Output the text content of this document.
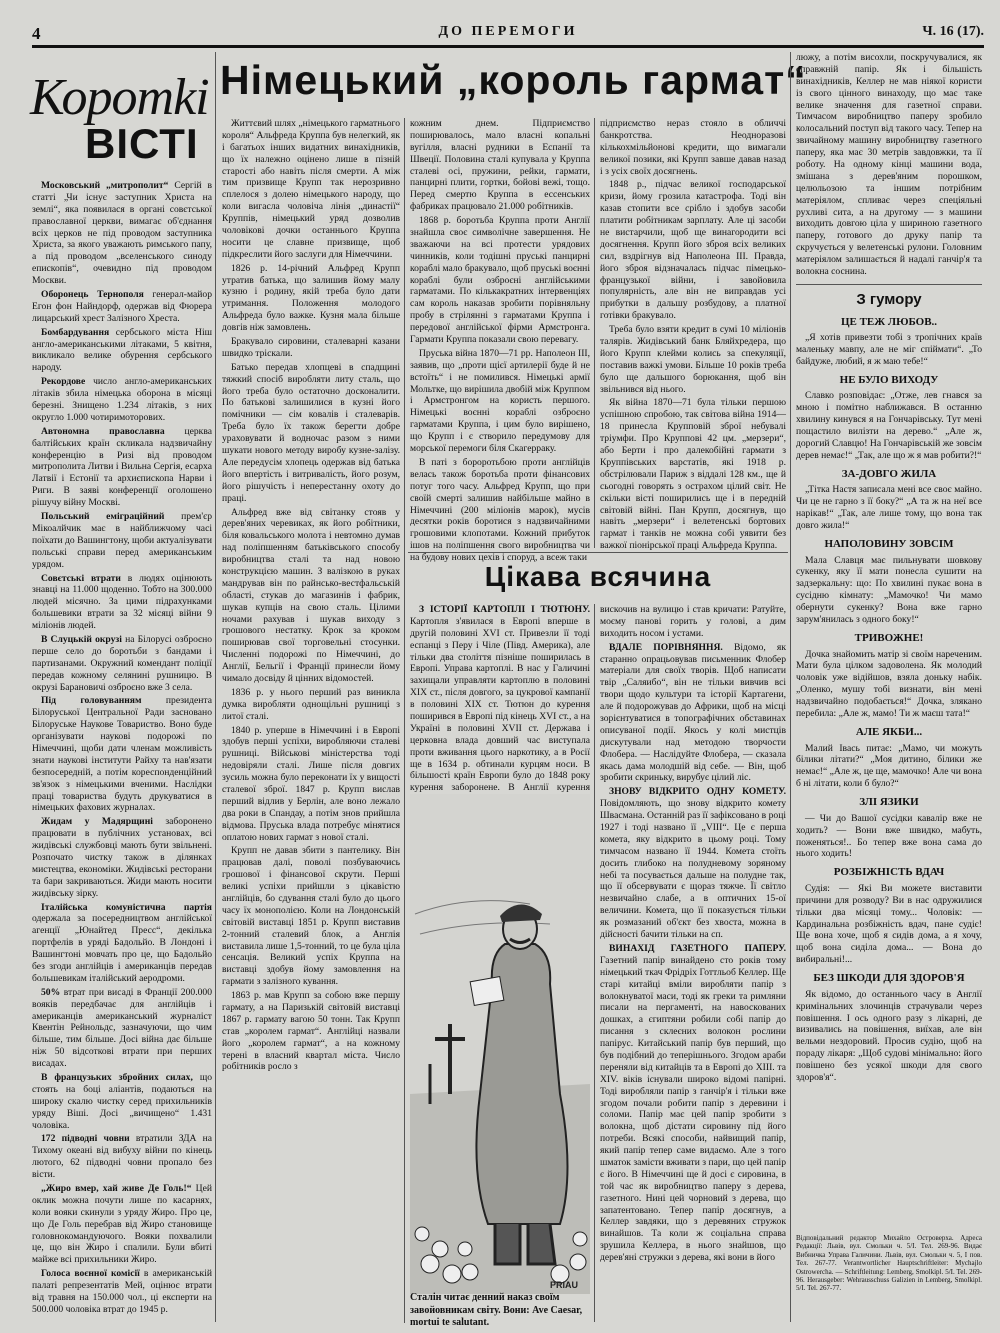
4	ДО ПЕРЕМОГИ	Ч. 16 (17).
Коротkі
ВІСТІ

Московський „митрополит“ Сергій в статті „Чи існує заступник Христа на землі“, яка появилася в органі совєтської православної церкви, вимагає об'єднання всіх церков не під проводом заступника Христа, за якого уважають римського папу, а під проводом „вселенського синоду епископів“, очевидно під проводом Москви.

Оборонець Тернополя генерал-майор Егон фон Найндорф, одержав від Фюрера лицарський хрест Залізного Хреста.

Бомбардування сербського міста Ніш англо-американськими літаками, 5 квітня, викликало велике обурення сербського народу.

Рекордове число англо-американських літаків збила німецька оборона в місяці березні. Знищено 1.234 літаків, з них округло 1.000 чотиримоторових.

Автономна православна церква балтійських країн скликала надзвичайну конференцію в Ризі від проводом митрополита Литви і Вильна Сергія, есарха Латвії і Естонії та архиєпископа Нарви і Риги. В заяві конференції оголошено рішучу війну Москві.

Польський еміграційний прем'єр Мікоалйчик має в найближчому часі поїхати до Вашингтону, щоби актуалізувати польські справи перед американським урядом.

Совєтські втрати в людях оцінюють знавці на 11.000 щоденно. Тобто на 300.000 людей місячно. За цими підрахунками большевики втрати за 32 місяці війни 9 міліонів людей.

В Слуцькій окрузі на Білорусі озброєно перше село до боротьби з бандами і партизанами. Окружний комендант поліції передав кожному селянині рушницю. В окрузі Барановичі озброєно вже 3 села.

Під головуванням	президента Білоруської Центральної Ради засновано Білоруське Наукове Товариство. Воно буде організувати наукові подорожі по Німеччині, щоби дати членам можливість знати наукові інститути Райху та нав'язати безпосередній, а потім кореспонденційний зв'язок з німецькими вченими. Наслідки праці товариства будуть друкуватися в німецьких фахових журналах.

Жидам у Мадярщині заборонено працювати в публічних установах, всі жидівські службовці мають бути звільнені. Розпочато чистку також в ділянках мистецтва, економіки. Жидівські ресторани та бари закриваються. Жиди мають носити жидівську зірку.

Італійська комуністична партія одержала за посередництвом англійської агенції „Юнайтед Пресс“, декілька портфелів в уряді Бадольйо. В Лондоні і Вашингтоні мовчать про це, що Бадольйо без згоди англійців і американців передав большевикам італійський аеродроми.

50% втрат при висаді в Франції 200.000 вояків передбачає для англійців і американців американський журналіст Квентін Рейнольдс, зазначуючи, що чим більше, тим більше. Досі війна дає більше ніж 50 відсоткові втрати при перших висадах.

В французьких збройних силах, що стоять на боці аліантів, подаються на широку скалю чистку серед прихильників уряду Віші. Досі „вичищено“ 1.431 чоловіка.

172 підводні човни втратили ЗДА на Тихому океані від вибуху війни по кінець лютого, 62 підводні човни пропало без вісти.

„Жиро вмер, хай живе Де Голь!“ Цей оклик можна почути лише по касарнях, коли вояки скинули з уряду Жиро. Про це, що Де Голь перебрав від Жиро становище головнокомандуючого. Вояки похвалили це, що він Жиро і спалили. Були вбиті майже всі прихильники Жиро.

Голоса воєнної комісії в американській палаті репрезентатів Мей, оцінює втрати від травня на 150.000 чол., ці експерти на 500.000 чоловіка втрат до 1945 р.

Німецький „король гармат“

Життєвий шлях „німецького гарматнього короля“ Альфреда Круппа був нелегкий, як і багатьох інших видатних винахідників, що їх належно оцінено лише в пізній старості або навіть після смерти. А між тим призвище Крупп так нерозривно сплелося з долею німецького народу, що коли вигасла чоловіча лінія „династії“ Круппів, німецький уряд дозволив чоловікові дочки останнього Круппа носити це славне призвище, щоб підкреслити його заслуги для Німеччини.

1826 р. 14-річний Альфред Крупп утратив батька, що залишив йому малу кузню і родину, якій треба було дати утримання. Положення молодого Альфреда було важке. Кузня мала більше довгів ніж замовлень.

Бракувало сировини, сталеварні казани швидко тріскали.

Батько передав хлопцеві в спадщині тяжкий спосіб виробляти литу сталь, що його треба було остаточно досконалити. По батькові залишилися в кузні його помічники — сім ковалів і сталеварів. Треба було їх також берегти добре ураховувати й водночас разом з ними шукати нового методу виробу кузне-залізу. Але передусім хлопець одержав від батька його впертість і витривалість, його розум, його рішучість і неперестанну охоту до праці.

Альфред вже від світанку стояв у дерев'яних черевиках, як його робітники, біля ковальського молота і невтомно думав над поліпшенням батьківського способу виробництва сталі та над новою конструкцією машин. З валізкою в руках мандрував він по райнсько-вестфальській області, стукав до магазинів і фабрик, шукав купців на свою сталь. Цілими ночами рахував і шукав виходу з грошового нестатку. Крок за кроком поширював свої торговельні стосунки. Численні подорожі по Німеччині, до Англії, Бельгії і Франції принесли йому чимало досвіду й цінних відомостей.

1836 р. у нього перший раз виникла думка виробляти однощільні рушниці з литої сталі.

1840 р. уперше в Німеччині і в Европі здобув перші успіхи, виробляючи сталеві рушниці. Військові міністерства тоді недовіряли сталі. Лише після довгих зусиль можна було переконати їх у вищості сталевої зброї. 1847 р. Крупп вислав перший відлив у Берлін, але воно лежало два роки в Спандау, а потім знов прийшла відмова. Пруська влада потребує мінятися оплатою нових гармат з нової сталі.

Крупп не давав збити з пантелику. Він працював далі, поволі позбуваючись грошової і фінансової скрути. Перші великі успіхи прийшли з цікавістю англійців, бо сдування сталі було до цього часу їх монополією. Коли на Лондонській світовій виставці 1851 р. Крупп виставив 2-тонний сталевий блок, а Англія виставила лише 1,5-тонний, то це була ціла сенсація. Великий успіх Круппа на виставці здобув йому замовлення на гармати з залізного кування.

1863 р. мав Крупп за собою вже першу гармату, а на Паризькій світовій виставці 1867 р. гармату вагою 50 тонн. Так Крупп став „королем гармат“. Англійці назвали його „королем гармат“, а на кожному терені в власний квартал міста. Число робітників росло з

кожним днем. Підприємство поширювалось, мало власні копальні вугілля, власні рудники в Еспанії та Швеції. Половина сталі купувала у Круппа сталеві осі, пружини, рейки, гармати, панцирні плити, гортки, бойові вежі, тощо. Перед смертю Круппа в ессенських фабриках працювало 21.000 робітників.

1868 р. боротьба Круппа проти Англії знайшла своє символічне завершення. Не зважаючи на всі протести урядових чинників, коли тодішні пруські панцирні кораблі мало бракувало, щоб пруські воєнні кораблі були озброєні англійськими гарматами. По кількакратних інтервенціях сам король наказав зробити порівняльну пробу в стрілянні з гарматами Круппа і передової англійської фірми Армстронга. Гармати Круппа показали свою перевагу.

Пруська війна 1870—71 рр. Наполеон III, заявив, що „проти щієї артилерії буде й не встоїть“ і не помилився. Німецькі армії Мольтке, що вирішила двобій між Круппом і Армстронгом на користь першого. Німецькі воєнні кораблі озброєно гарматами Круппа, і цим було вирішено, що Крупп і є створило передумову для морської перемоги біля Скагерраку.

В паті з бороротьбою проти англійців велась також боротьба проти фінансових потуг того часу. Альфред Крупп, що при своїй смерті залишив найбільше майно в Німеччині (200 міліонів марок), мусів десятки років боротися з надзвичайними грошовими клопотами. Кожний прибуток ішов на поліпшення свого виробництва чи на будову нових цехів і споруд, а всеж таки

підприємство нераз стояло в обличчі банкротства. Неодноразові кількохмільйонові кредити, що вимагали великої позики, які Крупп завше давав назад і з усіх своїх досягнень.

1848 р., підчас великої господарської кризи, йому грозила катастрофа. Тоді він казав стопити все срібло і здобув засоби платити робітникам зарплату. Але ці засоби не вистарчили, щоб ще винагородити всі досягнення. Крупп його зброя всіх великих сил, вздрігнув від Наполеона III. Правда, його зброя відзначалась підчас пімецько-французької війни, і завойовила популярність, але він не виправдав усі прибутки в дальшу розбудову, а платної готівки бракувало.

Треба було взяти кредит в сумі 10 міліонів талярів. Жидівський банк Бляйхредера, що його Крупп клейми колись за спекуляції, поставив важкі умови. Більше 10 років треба було ще дальшого борюкання, щоб він звільнився від нього.

Як війна 1870—71 була тільки першою успішною спробою, так світова війна 1914—18 принесла Крупповій зброї небувалі тріумфи. Про Круппові 42 цм. „мерзери“, або Берти і про далекобійні гармати з Круппівських варстатів, які 1918 р. обстрілювали Париж з віддалі 128 км., ще й сьогодні говорять з острахом цілий світ. Не скільки вісті поширились ще і в передній світовій війні. Пан Крупп, досягнув, що навіть „мерзери“ і велетенські бортових гармат і танків не можна собі уявити без важкої піонірської праці Альфреда Круппа.

Цікава всячина

З ІСТОРІЇ КАРТОПЛІ І ТЮТЮНУ. Картопля з'явилася в Европі вперше в другій половині XVI ст. Привезли її тоді еспанці з Перу і Чіле (Півд. Америка), але тільки два століття пізніше поширилась в Европі. Управа картоплі. В нас у Галичині захищали управляти картоплю в половині XIX ст., після довгого, за цукрової кампанії в половині XIX ст. Тютюн до курення поширився в Европі під кінець XVI ст., а на Україні в половині XVII ст. Держава і церковна влада довший час виступала проти вживання цього наркотику, а в Росії ще в 1634 р. обтинали курцям носи. В більшості країн Европи було до 1848 року курення заборонене. В Англії курення

вискочив на вулицю і став кричати: Ратуйте, моєму панові горить у голові, а дим виходить носом і устами.

ВДАЛЕ ПОРІВНЯННЯ. Відомо, як старанно опрацьовував письменник Флобер матеріали для своїх творів. Щоб написати твір „Саляибо“, він не тільки вивчив всі твори щодо культури та історії Картагени, але й подорожував до Африки, щоб на місці зорієнтуватися в топографічних обставинах описуваної події. Якось у колі мистців дискутували над методою творчости Флобера. — Наслідуйте Флобера, — сказала якась дама молодшій від себе. — Він, щоб зробити скриньку, вирубує цілий ліс.

ЗНОВУ ВІДКРИТО ОДНУ КОМЕТУ. Повідомляють, що знову відкрито комету Швасмана. Останній раз її зафіксовано в році 1927 і тоді названо її „VIII“. Це є перша комета, яку відкрито в цьому році. Тому тимчасом названо її 1944. Комета стоїть досить глибоко на полудневому зоряному небі та посувається дальше на полудне так, що її обсервувати є щораз тяжче. Її світло незвичайно слабе, а в оптичних 15-ої величини. Комета, що її показується тільки як розмазаний об'єкт без хвоста, можна в дійсності бачити тільки на сп.

ВИНАХІД ГАЗЕТНОГО ПАПЕРУ. Газетний папір винайдено сто років тому німецький ткач Фрідріх Готтльоб Келлер. Ще старі китайці вміли виробляти папір з волокнуватої маси, тоді як греки та римляни писали на пергаменті, на навоскованих дошках, а єгиптяни робили собі папір до писання з склеєних волокон рослини папірус. Китайський папір був перший, що був подібний до теперішнього. Згодом араби переняли від китайців та в Европі до XIII. та XIV. віків існували широко відомі папірні. Тоді виробляли папір з ганчір'я і тільки вже згодом почали робити папір з деревини і соломи. Папір має цей папір зробити з волокна, щоб дістати сировину під його потреби. Всякі способи, найвищий папір, який папір тепер саме видаємо. Але з того шматок замісти вживати з пари, що цей папір є його. В Німеччині ще й досі є сировина, в той час як виробництво паперу з дерева, газетного. Нині цей чорновий з дерева, що запатентовано. Тепер папір досягнув, а Келлер завдяки, що з деревяних стружок винайшов. Та коли ж соціальна справа зрушила Келлера, в нього знайшов, що дерев'яні стружки з дерева, які вони в його

PRIAU
Сталін читає денний наказ своїм завойовникам світу. Вони: Ave Caesar, mortui te salutant.

люжу, а потім висохли, поскручувалися, як справжній папір. Як і більшість винахідників, Келлер не мав ніякої користи із свого цінного винаходу, що має таке велике значення для газетної справи. Тимчасом виробництво паперу зробило колосальний поступ від такого часу. Тепер на звичайному машину виробництву газетного паперу, яка має 30 метрів завдовжки, та її роботу. На одному кінці машини вода, змішана з дерев'яним порошком, целюльозою та іншим потрібним матеріялом, спливає через спеціяльні рухливі сита, а на другому — з машини виходить довгою ціла у шириною газетного паперу, готового до друку папір та скручується у велетенські рулони. Головним матеріялом залишається й надалі ганчір'я та волокна соснина.

З гумору
ЦЕ ТЕЖ ЛЮБОВ..

„Я хотів привезти тобі з тропічних країв маленьку мавпу, але не міг спіймати“. „То байдуже, любий, я ж маю тебе!“

НЕ БУЛО ВИХОДУ

Славко розповідає: „Отже, лев гнався за мною і помітно наближався. В останню хвилину кинувся я на Гончарівську. Тут мені пощастило вилізти на дерево.“ „Але ж, дорогий Славцю! На Гончарівській же зовсім дерев немає!“ „Так, але що ж я мав робити?!“

ЗА-ДОВГО ЖИЛА

„Тітка Настя записала мені все своє майно. Чи це не гарно з її боку?“ „А та ж на неї все нарікав!“ „Так, але лише тому, що вона так довго жила!“

НАПОЛОВИНУ ЗОВСІМ

Мала Славця має пильнувати шовкову сукенку, яку її мати понесла сушити на задзеркальну: що: По хвилині пукає вона в сусідню кімнату: „Мамочко! Чи мамо обернути сукенку? Вона вже гарно зарум'янилась з одного боку!“

ТРИВОЖНЕ!

Дочка знайомить матір зі своїм нареченим. Мати була цілком задоволена. Як молодий чоловік уже відійшов, взяла доньку набік. „Оленко, мушу тобі визнати, він мені надзвичайно подобається!“ Дочка, злякано перебила: „Але ж, мамо! Ти ж маєш тата!“

АЛЕ ЯКБИ...

Малий Івась питає: „Мамо, чи можуть білики літати?“ „Моя дитино, білики же немає!“ „Але ж, це ще, мамочко! Але чи вона б ні літати, коли б було?“

ЗЛІ ЯЗИКИ

— Чи до Вашої сусідки кавалір вже не ходить? — Вони вже швидко, мабуть, поженяться!.. Бо тепер вже вона сама до нього ходить!

РОЗБІЖНІСТЬ ВДАЧ

Судія: — Які Ви можете виставити причини для розводу? Ви в нас одружилися тільки два місяці тому... Чоловік: — Кардинальна розбіжність вдач, пане судіє! Ще вона хоче, щоб я сидів дома, а я хочу, щоб вона сиділа дома... — Вона до вибиральні!...

БЕЗ ШКОДИ ДЛЯ ЗДОРОВ'Я

Як відомо, до останнього часу в Англії кримінальних злочинців страчували через повішення. І ось одного разу з лікарні, де визивались на повішення, виїхав, але він вельми нездоровий. Просив судію, щоб на пораду лікаря: „Щоб судові мінімально: його повішено без усякої шкоди для свого здоров'я“.

Відповідальний редактор Михайло Островерха. Адреса Редакції: Львів, вул. Смольки ч. 5/І. Тел. 269-96. Видає Вибничка Управа Галичини. Львів, вул. Смольки ч. 5, І пов. Тел. 267-77. Verantwortlicher Hauptschriftleiter: Mychajlo Ostrowercha. — Schriftleitung: Lemberg, Smolkipl. 5/I. Tel. 269-96. Herausgeber: Wehrausschuss Galizien in Lemberg, Smolkipl. 5/I. Tel. 267-77.
